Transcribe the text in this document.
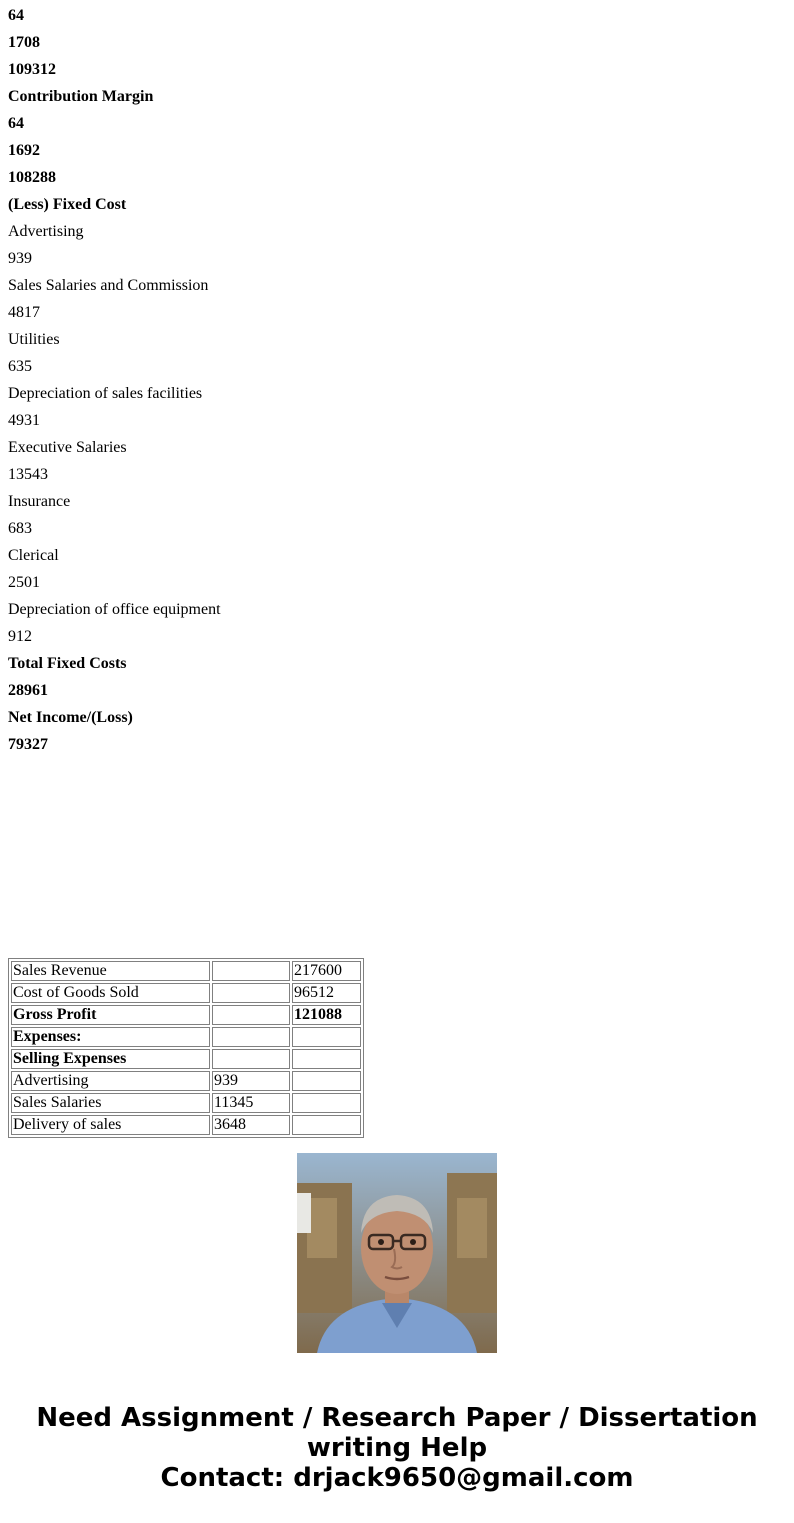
64
1708
109312
Contribution Margin
64
1692
108288
(Less) Fixed Cost
Advertising
939
Sales Salaries and Commission
4817
Utilities
635
Depreciation of sales facilities
4931
Executive Salaries
13543
Insurance
683
Clerical
2501
Depreciation of office equipment
912
Total Fixed Costs
28961
Net Income/(Loss)
79327
Sales Revenue		217600
Cost of Goods Sold		96512
Gross Profit		121088
Expenses:		
Selling Expenses		
Advertising	939	
Sales Salaries	11345	
Delivery of sales	3648	
Need Assignment / Research Paper / Dissertation
writing Help
Contact: drjack9650@gmail.com
